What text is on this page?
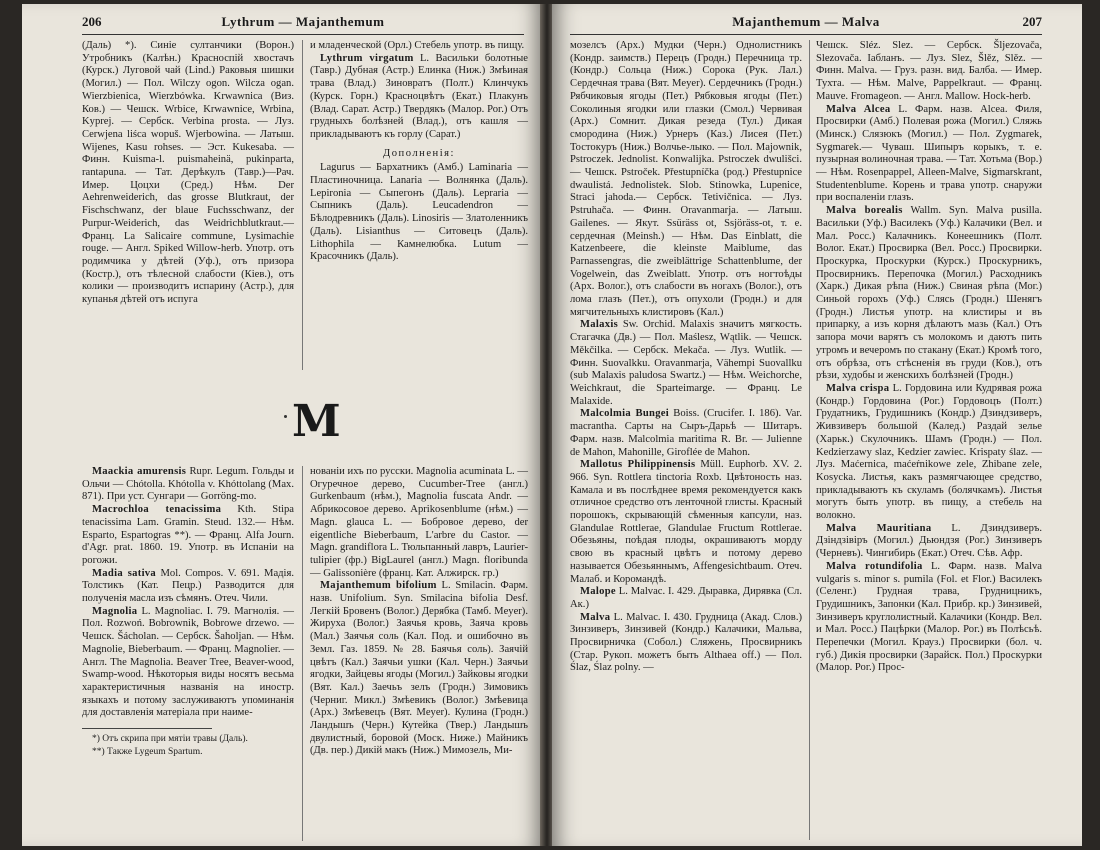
206	Lythrum — Majanthemum

(Даль) *). Синіе султанчики (Ворон.) Утробникъ (Калѣн.) Красноспій хвостачъ (Курск.) Луговой чай (Lind.) Раковыя шишки (Могил.) — Пол. Wilczy ogon. Wilcza ogan. Wierzbienica, Wierzbówka. Krwawnica (Виз. Ков.) — Чешск. Wrbice, Krwawnice, Wrbina, Kyprej. — Сербск. Verbina prosta. — Луз. Cerwjena liśca wopuš. Wjerbowina. — Латыш. Wijenes, Kasu rohses. — Эст. Kukesaba. — Финн. Kuisma-l. puismaheinä, pukinparta, rantapuna. — Тат. Дерѣкулъ (Тавр.)—Рач. Имер. Цоцхи (Сред.) Нѣм. Der Aehrenweiderich, das grosse Blutkraut, der Fischschwanz, der blaue Fuchsschwanz, der Purpur-Weiderich, das Weidrichblutkraut.— Франц. La Salicaire commune, Lysimachie rouge. — Англ. Spiked Willow-herb. Употр. отъ родимчика у дѣтей (Уф.), отъ призора (Костр.), отъ тѣлесной слабости (Кіев.), отъ колики — производитъ испарину (Астр.), для купанья дѣтей отъ испуга

и младенческой (Орл.) Стебель употр. въ пищу.

Lythrum virgatum L. Васильки болотные (Тавр.) Дубная (Астр.) Елинка (Ниж.) Змѣиная трава (Влад.) Зиновратъ (Полт.) Клинчукъ (Курск. Горн.) Красноцвѣтъ (Екат.) Плакунъ (Влад. Сарат. Астр.) Твердякъ (Малор. Рог.) Отъ грудныхъ болѣзней (Влад.), отъ кашля — прикладываютъ къ горлу (Сарат.)

Дополненія:

Lagurus — Бархатникъ (Амб.) Laminaria — Пластиночница. Lanaria — Волнянка (Даль). Lepironia — Сыпегонъ (Даль). Lepraria — Сыпникъ (Даль). Leucadendron — Бѣлодревникъ (Даль). Linosiris — Златоленникъ (Даль). Lisianthus — Ситовецъ (Даль). Lithophila — Камнелюбка. Lutum — Красочникъ (Даль).

M

Maackia amurensis Rupr. Legum. Гольды и Ольчи — Chótolla. Khótolla v. Khóttolang (Max. 871). При уст. Сунгари — Gorröng-mo.

Macrochloa tenacissima Kth. Stipa tenacissima Lam. Gramin. Steud. 132.— Нѣм. Esparto, Espartogras **). — Франц. Alfa Journ. d'Agr. prat. 1860. 19. Употр. въ Испаніи на рогожи.

Madia sativa Mol. Compos. V. 691. Мадія. Толстикъ (Кат. Пецр.) Разводится для полученія масла изъ сѣмянъ. Отеч. Чили.

Magnolia L. Magnoliac. I. 79. Магнолія. — Пол. Rozwoń. Bobrownik, Bobrowe drzewo. — Чешск. Šácholan. — Сербск. Šaholjan. — Нѣм. Magnolie, Bieberbaum. — Франц. Magnolier. — Англ. The Magnolia. Beaver Tree, Beaver-wood, Swamp-wood. Нѣкоторыя виды носятъ весьма характеристичныя названія на иностр. языкахъ и потому заслуживаютъ упоминанія для доставленія матеріала при наиме-

*) Отъ скрипа при мятіи травы (Даль).

**) Также Lygeum Spartum.

нованіи ихъ по русски. Magnolia acuminata L. — Огуречное дерево, Cucumber-Tree (англ.) Gurkenbaum (нѣм.), Magnolia fuscata Andr. — Абрикосовое дерево. Aprikosenblume (нѣм.) — Magn. glauca L. — Бобровое дерево, der eigentliche Bieberbaum, L'arbre du Castor. — Magn. grandiflora L. Тюльпанный лавръ, Laurier-tulipier (фр.) BigLaurel (англ.) Magn. floribunda — Galissonière (франц. Кат. Алжирск. гр.)

Majanthemum bifolium L. Smilacin. Фарм. назв. Unifolium. Syn. Smilacina bifolia Desf. Легкій Бровенъ (Волог.) Дерябка (Тамб. Meyer). Жируха (Волог.) Заячья кровь, Заяча кровь (Мал.) Заячья соль (Кал. Под. и ошибочно въ Земл. Газ. 1859. № 28. Баячья соль). Заячій цвѣтъ (Кал.) Заячьи ушки (Кал. Черн.) Заячьи ягодки, Зайцевы ягоды (Могил.) Зайковы ягодки (Вят. Кал.) Заечьъ зелъ (Гродн.) Зимовикъ (Черниг. Микл.) Змѣевикъ (Волог.) Змѣевица (Арх.) Змѣевецъ (Вят. Meyer). Кулина (Гродн.) Ландышъ (Черн.) Кутейка (Твер.) Ландышъ двулистный, боровой (Моск. Ниже.) Майникъ (Дв. пер.) Дикій макъ (Ниж.) Мимозель, Ми-

Majanthemum — Malva	207

мозелсъ (Арх.) Мудки (Черн.) Однолистникъ (Кондр. заимств.) Перецъ (Гродн.) Перечница тр. (Кондр.) Сольца (Ниж.) Сорока (Рук. Лал.) Сердечная трава (Вят. Meyer). Сердечникъ (Гродн.) Рябчиковыя ягоды (Пет.) Рябковыя ягоды (Пет.) Соколиныя ягодки или глазки (Смол.) Червивая (Арх.) Сомнит. Дикая резеда (Тул.) Дикая смородина (Ниж.) Урнеръ (Каз.) Лисея (Пет.) Тостокуръ (Ниж.) Волчье-лыко. — Пол. Majownik, Pstroczek. Jednolist. Konwalijka. Pstroczek dwulišci. — Чешск. Pstroček. Přestupníčka (род.) Přestupnice dwaulistá. Jednolistek. Slob. Stinowka, Lupenice, Straci jahoda.— Сербск. Tetivičnica. — Луз. Pstruhača. — Финн. Oravanmarja. — Латыш. Gailenes. — Якут. Ssüräss ot, Ssjöräss-ot, т. е. сердечная (Meinsh.) — Нѣм. Das Einblatt, die Katzenbeere, die kleinste Maiblume, das Parnassengras, die zweiblättrige Schattenblume, der Vogelwein, das Zweiblatt. Употр. отъ ногтоѣды (Арх. Волог.), отъ слабости въ ногахъ (Волог.), отъ лома глазъ (Пет.), отъ опухоли (Гродн.) и для мягчительныхъ клистировъ (Кал.)

Malaxis Sw. Orchid. Malaxis значитъ мягкость. Стагачка (Дв.) — Пол. Maślesz, Wątlik. — Чешск. Měkčilka. — Сербск. Mekača. — Луз. Wutlik. — Финн. Suovalkku. Oravanmarja, Vähempi Suovallku (sub Malaxis paludosa Swartz.) — Нѣм. Weichorche, Weichkraut, die Sparteimarge. — Франц. Le Malaxide.

Malcolmia Bungei Boiss. (Crucifer. I. 186). Var. macrantha. Сарты на Сыръ-Дарьѣ — Шитаръ. Фарм. назв. Malcolmia maritima R. Br. — Julienne de Mahon, Mahonille, Giroflée de Mahon.

Mallotus Philippinensis Müll. Euphorb. XV. 2. 966. Syn. Rottlera tinctoria Roxb. Цвѣтоность наз. Камала и въ послѣднее время рекомендуется какъ отличное средство отъ ленточной глисты. Красный порошокъ, скрывающій сѣменныя капсули, наз. Glandulae Rottlerae, Glandulae Fructum Rottlerae. Обезьяны, поѣдая плоды, окрашиваютъ морду свою въ красный цвѣтъ и потому дерево называется Обезьяннымъ, Affengesichtbaum. Отеч. Малаб. и Коромандѣ.

Malope L. Malvac. I. 429. Дыравка, Дирявка (Сл. Ак.)

Malva L. Malvac. I. 430. Грудница (Акад. Слов.) Зинзиверъ, Зинзивей (Кондр.) Калачики, Мальва, Просвирничка (Собол.) Сляжень, Просвирникъ (Стар. Рукоп. можетъ быть Althaea off.) — Пол. Ślaz, Ślaz polny. —

Чешск. Sléz. Slez. — Сербск. Šljezovača, Slezovača. Iабланъ. — Луз. Slez, Šlěz, Slěz. — Финн. Malva. — Груз. разн. вид. Балба. — Имер. Тухта. — Нѣм. Malve, Pappelkraut. — Франц. Mauve. Fromageon. — Англ. Mallow. Hock-herb.

Malva Alcea L. Фарм. назв. Alcea. Филя, Просвирки (Амб.) Полевая рожа (Могил.) Сляжь (Минск.) Слязюкъ (Могил.) — Пол. Zygmarek, Sygmarek.— Чуваш. Шипыръ корыкъ, т. е. пузырная волиночная трава. — Тат. Хотьма (Вор.) — Нѣм. Rosenpappel, Alleen-Malve, Sigmarskrant, Studentenblume. Корень и трава употр. снаружи при воспаленіи глазъ.

Malva borealis Wallm. Syn. Malva pusilla. Васильки (Уф.) Василекъ (Уф.) Калачики (Вел. и Мал. Росс.) Калачникъ. Конеешникъ (Полт. Волог. Екат.) Просвирка (Вел. Росс.) Просвирки. Проскурка, Проскурки (Курск.) Проскурникъ, Просвирникъ. Перепочка (Могил.) Расходникъ (Харк.) Дикая рѣпа (Ниж.) Свиная рѣпа (Мог.) Синьой горохъ (Уф.) Слясь (Гродн.) Шенягъ (Гродн.) Листья употр. на клистиры и въ припарку, а изъ корня дѣлаютъ мазь (Кал.) Отъ запора мочи варятъ съ молокомъ и даютъ пить утромъ и вечеромъ по стакану (Екат.) Кромѣ того, отъ обрѣза, отъ стѣсненія въ груди (Ков.), отъ рѣзи, худобы и женскихъ болѣзней (Гродн.)

Malva crispa L. Гордовина или Кудрявая рожа (Кондр.) Гордовина (Рог.) Гордовоцъ (Полт.) Грудатникъ, Грудишникъ (Кондр.) Дзиндзиверъ, Живзиверъ большой (Калед.) Раздай зелье (Харьк.) Скулочникъ. Шамъ (Гродн.) — Пол. Kedzierzawy slaz, Kedzier zawiec. Krispaty ślaz. — Луз. Maćernica, maćeŕnikowe zele, Zhibane zele, Kosycka. Листья, какъ размягчающее средство, прикладываютъ къ скуламъ (болячкамъ). Листья могутъ быть употр. въ пищу, а стебель на волокно.

Malva Mauritiana L. Дзиндзиверъ. Дзіндзівіръ (Могил.) Дьюндзя (Рог.) Зинзиверъ (Черневъ). Чингибирь (Екат.) Отеч. Сѣв. Афр.

Malva rotundifolia L. Фарм. назв. Malva vulgaris s. minor s. pumila (Fol. et Flor.) Василекъ (Селенг.) Грудная трава, Грудницникъ, Грудишникъ, Запонки (Кал. Прибр. кр.) Зинзивей, Зинзиверъ круглолистный. Калачики (Кондр. Вел. и Мал. Росс.) Пацѣрки (Малор. Рог.) въ Полѣсьѣ. Перепечки (Могил. Крауз.) Просвирки (бол. ч. губ.) Дикія просвирки (Зарайск. Пол.) Проскурки (Малор. Рог.) Прос-
